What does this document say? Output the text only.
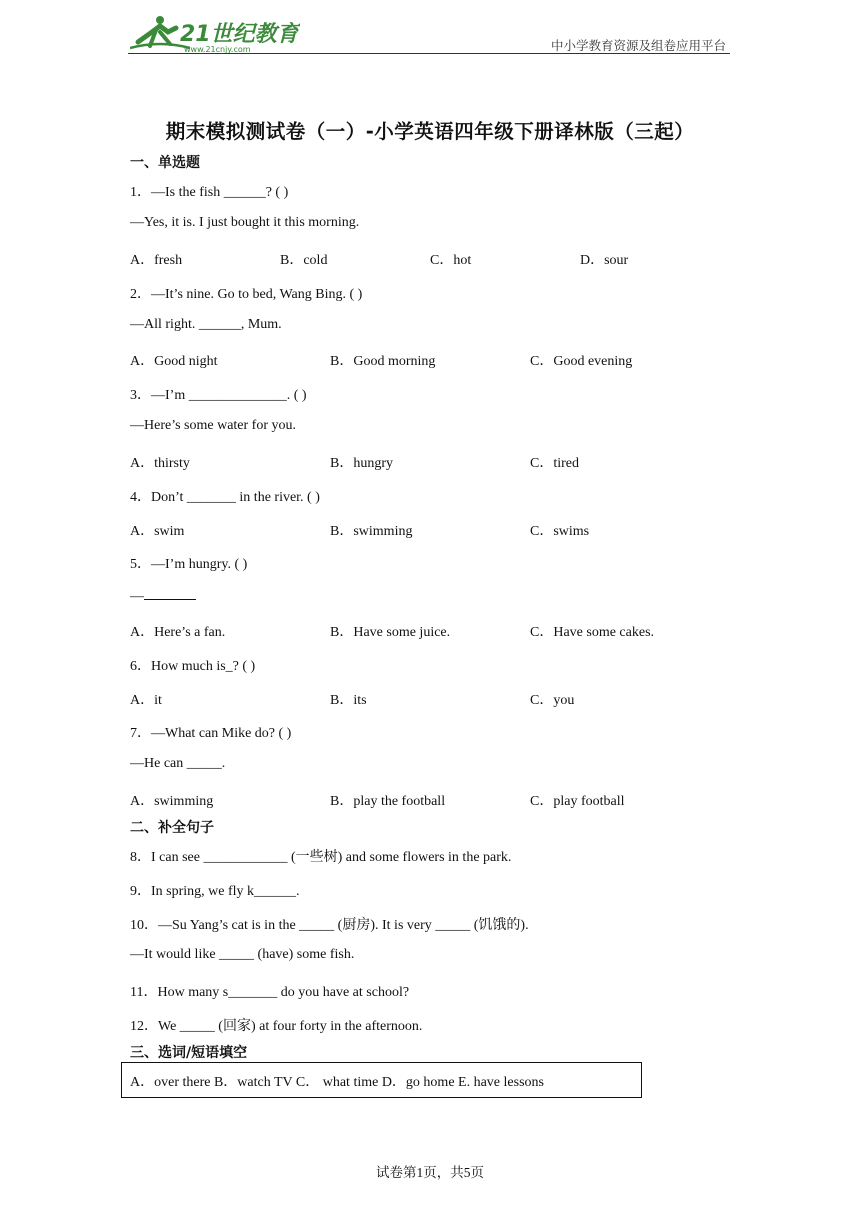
21世纪教育
www.21cnjy.com	中小学教育资源及组卷应用平台
期末模拟测试卷（一）-小学英语四年级下册译林版（三起）
一、单选题
1．—Is the fish ______? ( )
—Yes, it is. I just bought it this morning.
A．fresh	B．cold	C．hot	D．sour
2．—It’s nine. Go to bed, Wang Bing. ( )
—All right. ______, Mum.
A．Good night	B．Good morning	C．Good evening
3．—I’m ______________. ( )
—Here’s some water for you.
A．thirsty	B．hungry	C．tired
4．Don’t _______ in the river. ( )
A．swim	B．swimming	C．swims
5．—I’m hungry. ( )
—
A．Here’s a fan.	B．Have some juice.	C．Have some cakes.
6．How much is_? ( )
A．it	B．its	C．you
7．—What can Mike do? ( )
—He can _____.
A．swimming	B．play the football	C．play football
二、补全句子
8．I can see ____________ (一些树) and some flowers in the park.
9．In spring, we fly k______.
10．—Su Yang’s cat is in the _____ (厨房). It is very _____ (饥饿的).
—It would like _____ (have) some fish.
11．How many s_______ do you have at school?
12．We _____ (回家) at four forty in the afternoon.
三、选词/短语填空
A．over there B．watch TV C． what time D．go home E. have lessons
试卷第1页，共5页
